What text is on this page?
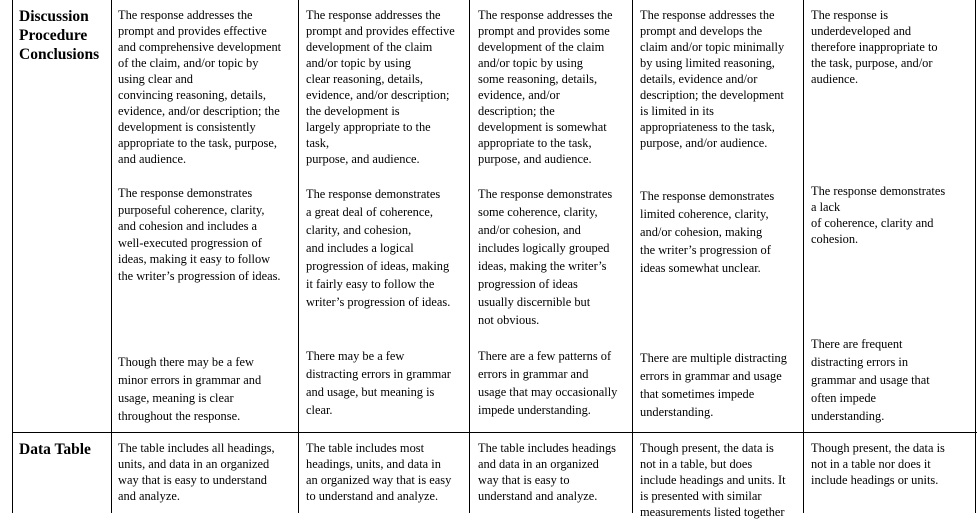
Discussion
Procedure
Conclusions
The response addresses the
prompt and provides effective
and comprehensive development
of the claim, and/or topic by
using clear and
convincing reasoning, details,
evidence, and/or description; the
development is consistently
appropriate to the task, purpose,
and audience.
The response addresses the
prompt and provides effective
development of the claim
and/or topic by using
clear reasoning, details,
evidence, and/or description;
the development is
largely appropriate to the
task,
purpose, and audience.
The response addresses the
prompt and provides some
development of the claim
and/or topic by using
some reasoning, details,
evidence, and/or
description; the
development is somewhat
appropriate to the task,
purpose, and audience.
The response addresses the
prompt and develops the
claim and/or topic minimally
by using limited reasoning,
details, evidence and/or
description; the development
is limited in its
appropriateness to the task,
purpose, and/or audience.
The response is
underdeveloped and
therefore inappropriate to
the task, purpose, and/or
audience.
The response demonstrates
purposeful coherence, clarity,
and cohesion and includes a
well-executed progression of
ideas, making it easy to follow
the writer’s progression of ideas.
The response demonstrates
a great deal of coherence,
clarity, and cohesion,
and includes a logical
progression of ideas, making
it fairly easy to follow the
writer’s progression of ideas.
The response demonstrates
some coherence, clarity,
and/or cohesion, and
includes logically grouped
ideas, making the writer’s
progression of ideas
usually discernible but
not obvious.
The response demonstrates
limited coherence, clarity,
and/or cohesion, making
the writer’s progression of
ideas somewhat unclear.
The response demonstrates
a lack
of coherence, clarity and
cohesion.
Though there may be a few
minor errors in grammar and
usage, meaning is clear
throughout the response.
There may be a few
distracting errors in grammar
and usage, but meaning is
clear.
There are a few patterns of
errors in grammar and
usage that may occasionally
impede understanding.
There are multiple distracting
errors in grammar and usage
that sometimes impede
understanding.
There are frequent
distracting errors in
grammar and usage that
often impede
understanding.
Data Table	The table includes all headings,
units, and data in an organized
way that is easy to understand
and analyze.
The table includes most
headings, units, and data in
an organized way that is easy
to understand and analyze.
The table includes headings
and data in an organized
way that is easy to
understand and analyze.
Though present, the data is
not in a table, but does
include headings and units. It
is presented with similar
measurements listed together
Though present, the data is
not in a table nor does it
include headings or units.
